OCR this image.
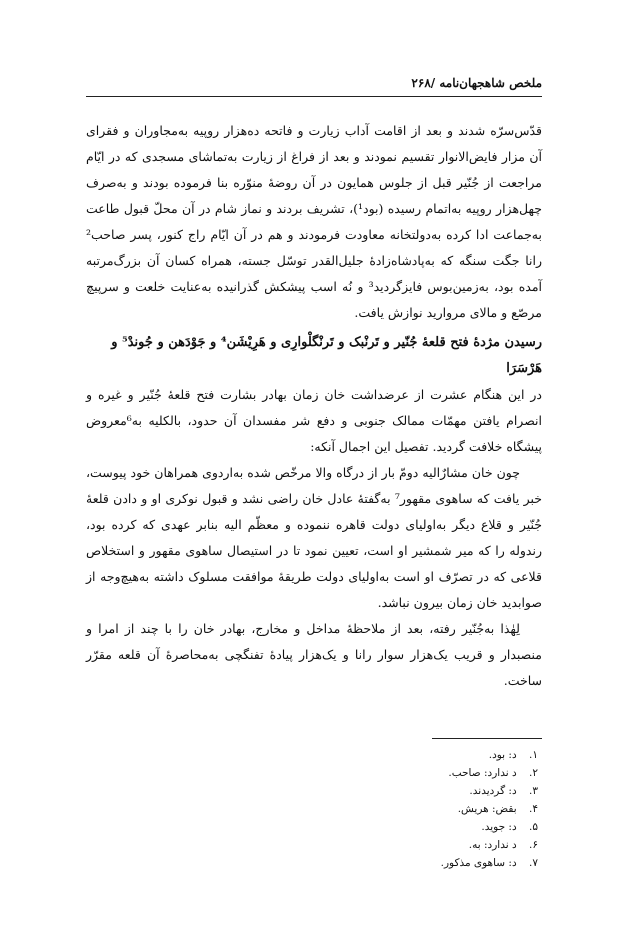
ملخص شاهجهان‌نامه /۲۶۸

قدّس‌سرّه شدند و بعد از اقامت آداب زیارت و فاتحه ده‌هزار روپیه به‌مجاوران و فقرای آن مزار فایض‌الانوار تقسیم نمودند و بعد از فراغ از زیارت به‌تماشای مسجدی که در ایّام مراجعت از جُنّیر قبل از جلوس همایون در آن روضهٔ منوّره بنا فرموده بودند و به‌صرف چهل‌هزار روپیه به‌اتمام رسیده (بود¹)، تشریف بردند و نماز شام در آن محلّ قبول طاعت به‌جماعت ادا کرده به‌دولتخانه معاودت فرمودند و هم در آن ایّام راج کنور، پسر صاحب² رانا جگت سنگه که به‌پادشاه‌زادهٔ جلیل‌القدر توسّل جسته، همراه کسان آن بزرگ‌مرتبه آمده بود، به‌زمین‌بوس فایزگردید³ و نُه اسب پیشکش گذرانیده به‌عنایت خلعت و سرپیچ مرصّع و مالای مروارید نوازش یافت.

رسیدن مژدهٔ فتح قلعهٔ جُنّیر و تَرنْبک و تَرنْگلْوارِی و هَرِیْشَن⁴ و جَوْدَهن و جُوندْ⁵ و هَرْسَرَا

در این هنگام عشرت از عرضداشت خان زمان بهادر بشارت فتح قلعهٔ جُنّیر و غیره و انصرام یافتن مهمّات ممالک جنوبی و دفع شر مفسدان آن حدود، بالکلیه به⁶معروض پیشگاه خلافت گردید. تفصیل این اجمال آنکه:

چون خان مشارٌالیه دومّ بار از درگاه والا مرخّص شده به‌اردوی همراهان خود پیوست، خبر یافت که ساهوی مقهور⁷ به‌گفتهٔ عادل خان راضی نشد و قبول نوکری او و دادن قلعهٔ جُنّیر و قلاع دیگر به‌اولیای دولت قاهره ننموده و معظّم الیه بنابر عهدی که کرده بود، رندوله را که میر شمشیر او است، تعیین نمود تا در استیصال ساهوی مقهور و استخلاص قلاعی که در تصرّف او است به‌اولیای دولت طریقهٔ موافقت مسلوک داشته به‌هیچ‌وجه از صوابدید خان زمان بیرون نباشد.

لِهٰذا به‌جُنّیر رفته، بعد از ملاحظهٔ مداخل و مخارج، بهادر خان را با چند از امرا و منصبدار و قریب یک‌هزار سوار رانا و یک‌هزار پیادهٔ تفنگچی به‌محاصرهٔ آن قلعه مقرّر ساخت.

۱. د: بود.
۲. د ندارد: صاحب.
۳. د: گردیدند.
۴. بقض: هریش.
۵. د: جوید.
۶. د ندارد: به.
۷. د: ساهوی مذکور.
